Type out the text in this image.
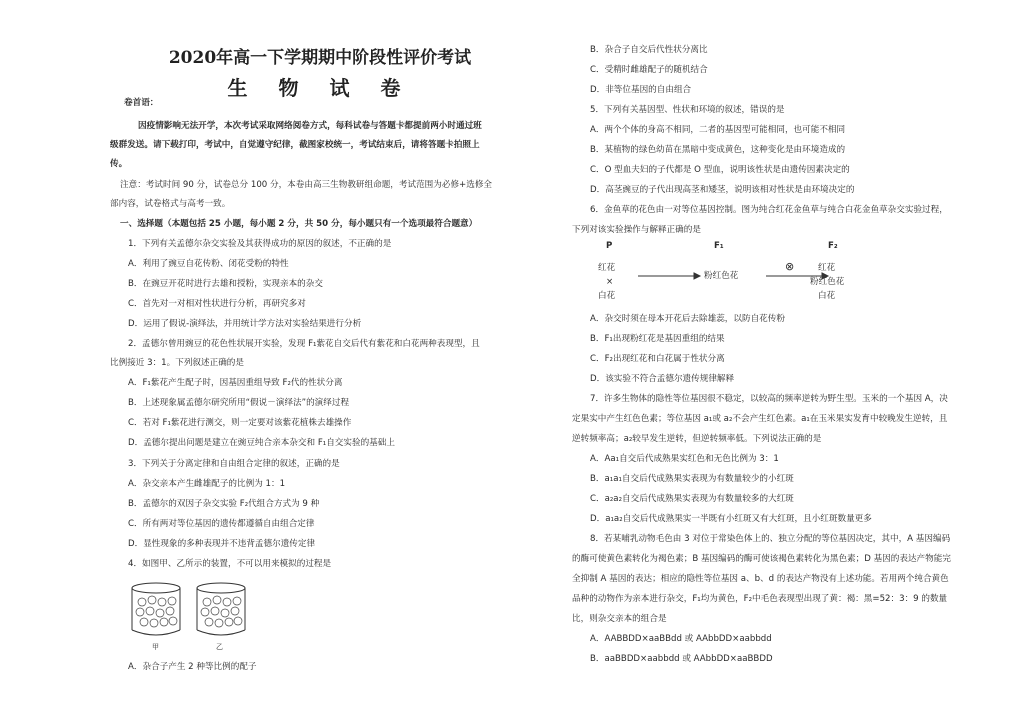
2020年高一下学期期中阶段性评价考试
生 物 试 卷
卷首语：
因疫情影响无法开学，本次考试采取网络阅卷方式，每科试卷与答题卡都提前两小时通过班
级群发送。请下载打印，考试中，自觉遵守纪律，截图家校统一，考试结束后，请将答题卡拍照上
传。
注意：考试时间 90 分，试卷总分 100 分，本卷由高三生物教研组命题，考试范围为必修+选修全
部内容，试卷格式与高考一致。
一、选择题（本题包括 25 小题，每小题 2 分，共 50 分，每小题只有一个选项最符合题意）
1．下列有关孟德尔杂交实验及其获得成功的原因的叙述，不正确的是
A．利用了豌豆自花传粉、闭花受粉的特性
B．在豌豆开花时进行去雄和授粉，实现亲本的杂交
C．首先对一对相对性状进行分析，再研究多对
D．运用了假说-演绎法，并用统计学方法对实验结果进行分析
2．孟德尔曾用豌豆的花色性状展开实验，发现 F₁紫花自交后代有紫花和白花两种表现型，且
比例接近 3：1。下列叙述正确的是
A．F₁紫花产生配子时，因基因重组导致 F₂代的性状分离
B．上述现象属孟德尔研究所用“假说－演绎法”的演绎过程
C．若对 F₁紫花进行测交，则一定要对该紫花植株去雄操作
D．孟德尔提出问题是建立在豌豆纯合亲本杂交和 F₁自交实验的基础上
3．下列关于分离定律和自由组合定律的叙述，正确的是
A．杂交亲本产生雌雄配子的比例为 1：1
B．孟德尔的双因子杂交实验 F₂代组合方式为 9 种
C．所有两对等位基因的遗传都遵循自由组合定律
D．显性现象的多种表现并不违背孟德尔遗传定律
4．如图甲、乙所示的装置，不可以用来模拟的过程是
甲	乙
A．杂合子产生 2 种等比例的配子
B．杂合子自交后代性状分离比
C．受精时雌雄配子的随机结合
D．非等位基因的自由组合
5．下列有关基因型、性状和环境的叙述，错误的是
A．两个个体的身高不相同，二者的基因型可能相同，也可能不相同
B．某植物的绿色幼苗在黑暗中变成黄色，这种变化是由环境造成的
C．O 型血夫妇的子代都是 O 型血，说明该性状是由遗传因素决定的
D．高茎豌豆的子代出现高茎和矮茎，说明该相对性状是由环境决定的
6．金鱼草的花色由一对等位基因控制。图为纯合红花金鱼草与纯合白花金鱼草杂交实验过程，
下列对该实验操作与解释正确的是
P	F₁	F₂
红花
×
白花
粉红色花
⊗	红花
粉红色花
白花
A．杂交时须在母本开花后去除雄蕊，以防自花传粉
B．F₁出现粉红花是基因重组的结果
C．F₂出现红花和白花属于性状分离
D．该实验不符合孟德尔遗传规律解释
7．许多生物体的隐性等位基因很不稳定，以较高的频率逆转为野生型。玉米的一个基因 A，决
定果实中产生红色色素；等位基因 a₁或 a₂不会产生红色素。a₁在玉米果实发育中较晚发生逆转，且
逆转频率高；a₂较早发生逆转，但逆转频率低。下列说法正确的是
A．Aa₁自交后代成熟果实红色和无色比例为 3：1
B．a₁a₁自交后代成熟果实表现为有数量较少的小红斑
C．a₂a₂自交后代成熟果实表现为有数量较多的大红斑
D．a₁a₂自交后代成熟果实一半既有小红斑又有大红斑，且小红斑数量更多
8．若某哺乳动物毛色由 3 对位于常染色体上的、独立分配的等位基因决定，其中，A 基因编码
的酶可使黄色素转化为褐色素；B 基因编码的酶可使该褐色素转化为黑色素；D 基因的表达产物能完
全抑制 A 基因的表达；相应的隐性等位基因 a、b、d 的表达产物没有上述功能。若用两个纯合黄色
品种的动物作为亲本进行杂交，F₁均为黄色，F₂中毛色表现型出现了黄：褐：黑=52：3：9 的数量
比，则杂交亲本的组合是
A．AABBDD×aaBBdd 或 AAbbDD×aabbdd
B．aaBBDD×aabbdd 或 AAbbDD×aaBBDD
